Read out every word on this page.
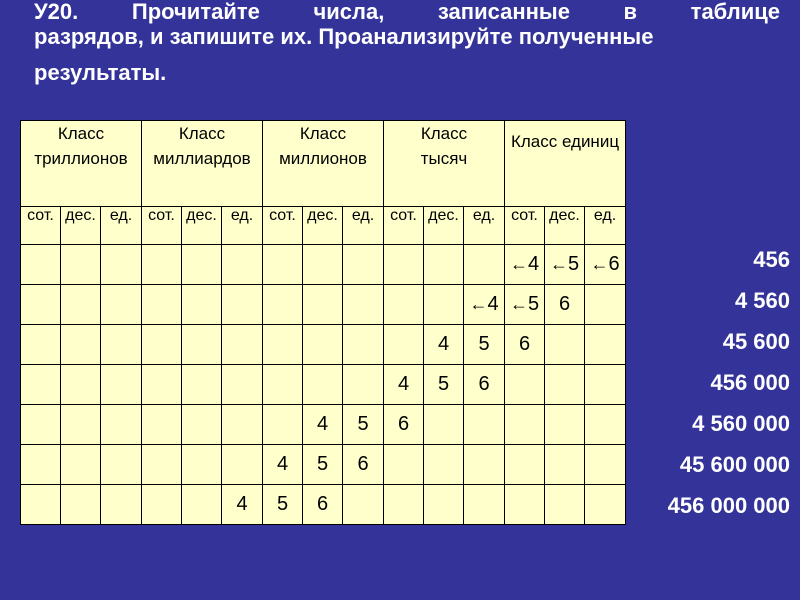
У20. Прочитайте числа, записанные в таблице
разрядов, и запишите их. Проанализируйте полученные
результаты.
Класс
триллионов			Класс
миллиардов			Класс
миллионов			Класс
тысяч			Класс единиц		

сот.	дес.	ед.	сот.	дес.	ед.	сот.	дес.	ед.	сот.	дес.	ед.	сот.	дес.	ед.
												←4	←5	←6
											←4	←5	6	
										4	5	6		
									4	5	6			
							4	5	6					
						4	5	6						
					4	5	6							
456
4 560
45 600
456 000
4 560 000
45 600 000
456 000 000
